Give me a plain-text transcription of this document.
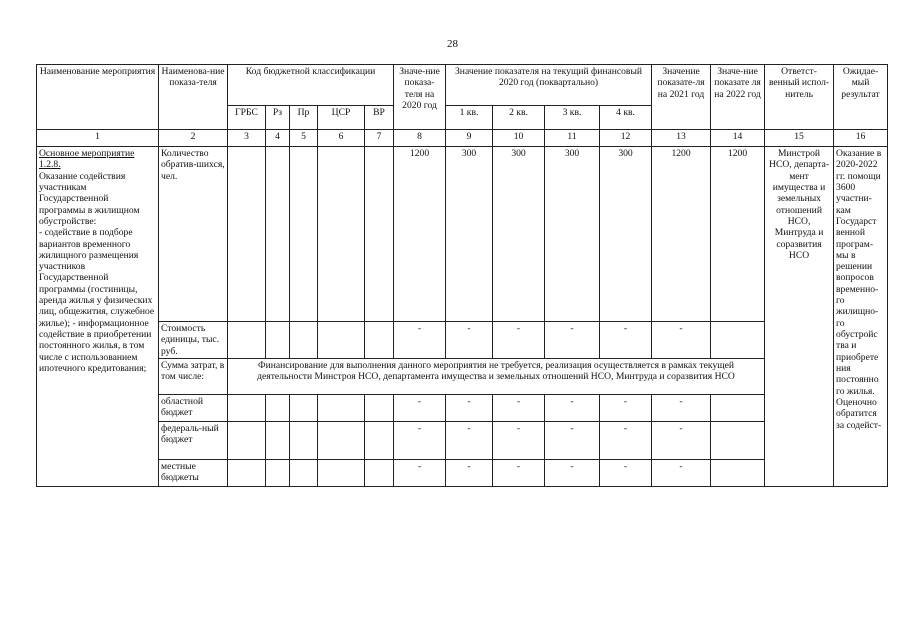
28
Наименование мероприятия	Наименова-ние показа-теля	Код бюджетной классификации					Значе-ние показа-теля на 2020 год	Значение показателя на текущий финансовый 2020 год (поквартально)				Значение показате-ля на 2021 год	Значе-ние показате ля на 2022 год	Ответст-венный испол-нитель	Ожидае-мый результат
		ГРБС	Рз	Пр	ЦСР	ВР		1 кв.	2 кв.	3 кв.	4 кв.				
1	2	3	4	5	6	7	8	9	10	11	12	13	14	15	16
Основное мероприятие 1.2.8.
Оказание содействия участникам Государственной программы в жилищном обустройстве:
- содействие в подборе вариантов временного жилищного размещения участников Государственной программы (гостиницы, аренда жилья у физических лиц, общежития, служебное жилье); - информационное содействие в приобретении постоянного жилья, в том числе с использованием ипотечного кредитования;	Количество обратив-шихся, чел.						1200	300	300	300	300	1200	1200	Минстрой НСО, департа-мент имущества и земельных отношений НСО, Минтруда и соразвития НСО	Оказание в 2020-2022 гг. помощи 3600 участни-кам Государст венной програм-мы в решении вопросов временно-го жилищно-го обустройс тва и приобрете ния постоянно го жилья. Оценочно обратится за содейст-
	Стоимость единицы, тыс. руб.						-	-	-	-	-	-			
	Сумма затрат, в том числе:	Финансирование для выполнения данного мероприятия не требуется, реализация осуществляется в рамках текущей деятельности Минстроя НСО, департамента имущества и земельных отношений НСО, Минтруда и соразвития НСО													
	областной бюджет						-	-	-	-	-	-			
	федераль-ный бюджет						-	-	-	-	-	-			
	местные бюджеты						-	-	-	-	-	-			
